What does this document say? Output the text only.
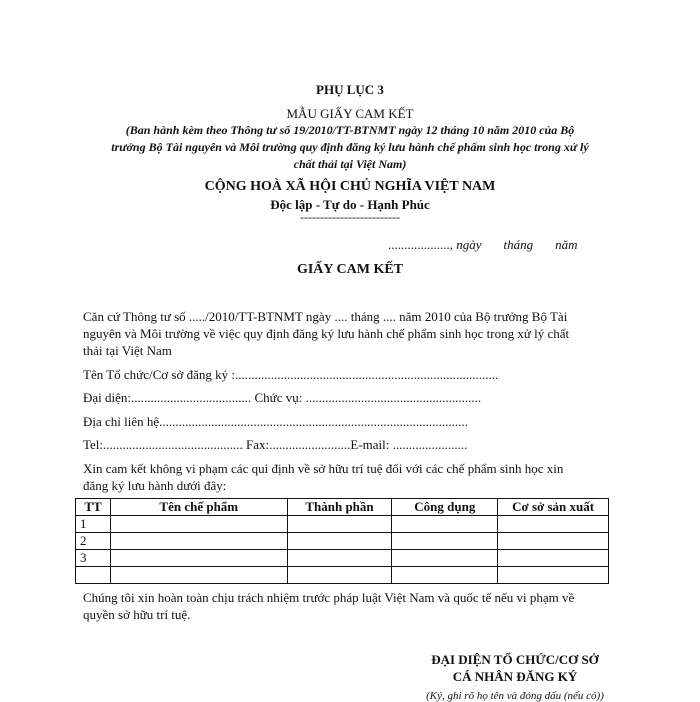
PHỤ LỤC 3
MẪU GIẤY CAM KẾT
(Ban hành kèm theo Thông tư số 19/2010/TT-BTNMT ngày 12 tháng 10 năm 2010 của Bộ
trưởng Bộ Tài nguyên và Môi trường quy định đăng ký lưu hành chế phẩm sinh học trong xử lý
chất thải tại Việt Nam)
CỘNG HOÀ XÃ HỘI CHỦ NGHĨA VIỆT NAM
Độc lập - Tự do - Hạnh Phúc
-------------------------
..................., ngày tháng năm
GIẤY CAM KẾT
Căn cứ Thông tư số ...../2010/TT-BTNMT ngày .... tháng .... năm 2010 của Bộ trưởng Bộ Tài
nguyên và Môi trường về việc quy định đăng ký lưu hành chế phẩm sinh học trong xử lý chất
thải tại Việt Nam
Tên Tổ chức/Cơ sở đăng ký :.................................................................................
Đại diện:..................................... Chức vụ: ......................................................
Địa chỉ liên hệ...............................................................................................
Tel:........................................... Fax:.........................E-mail: .......................
Xin cam kết không vi phạm các qui định về sở hữu trí tuệ đối với các chế phẩm sinh học xin
đăng ký lưu hành dưới đây:
TT	Tên chế phẩm	Thành phần	Công dụng	Cơ sở sản xuất
1				
2				
3				

Chúng tôi xin hoàn toàn chịu trách nhiệm trước pháp luật Việt Nam và quốc tế nếu vi phạm về
quyền sở hữu trí tuệ.
ĐẠI DIỆN TỔ CHỨC/CƠ SỞ
CÁ NHÂN ĐĂNG KÝ
(Ký, ghi rõ họ tên và đóng dấu (nếu có))
